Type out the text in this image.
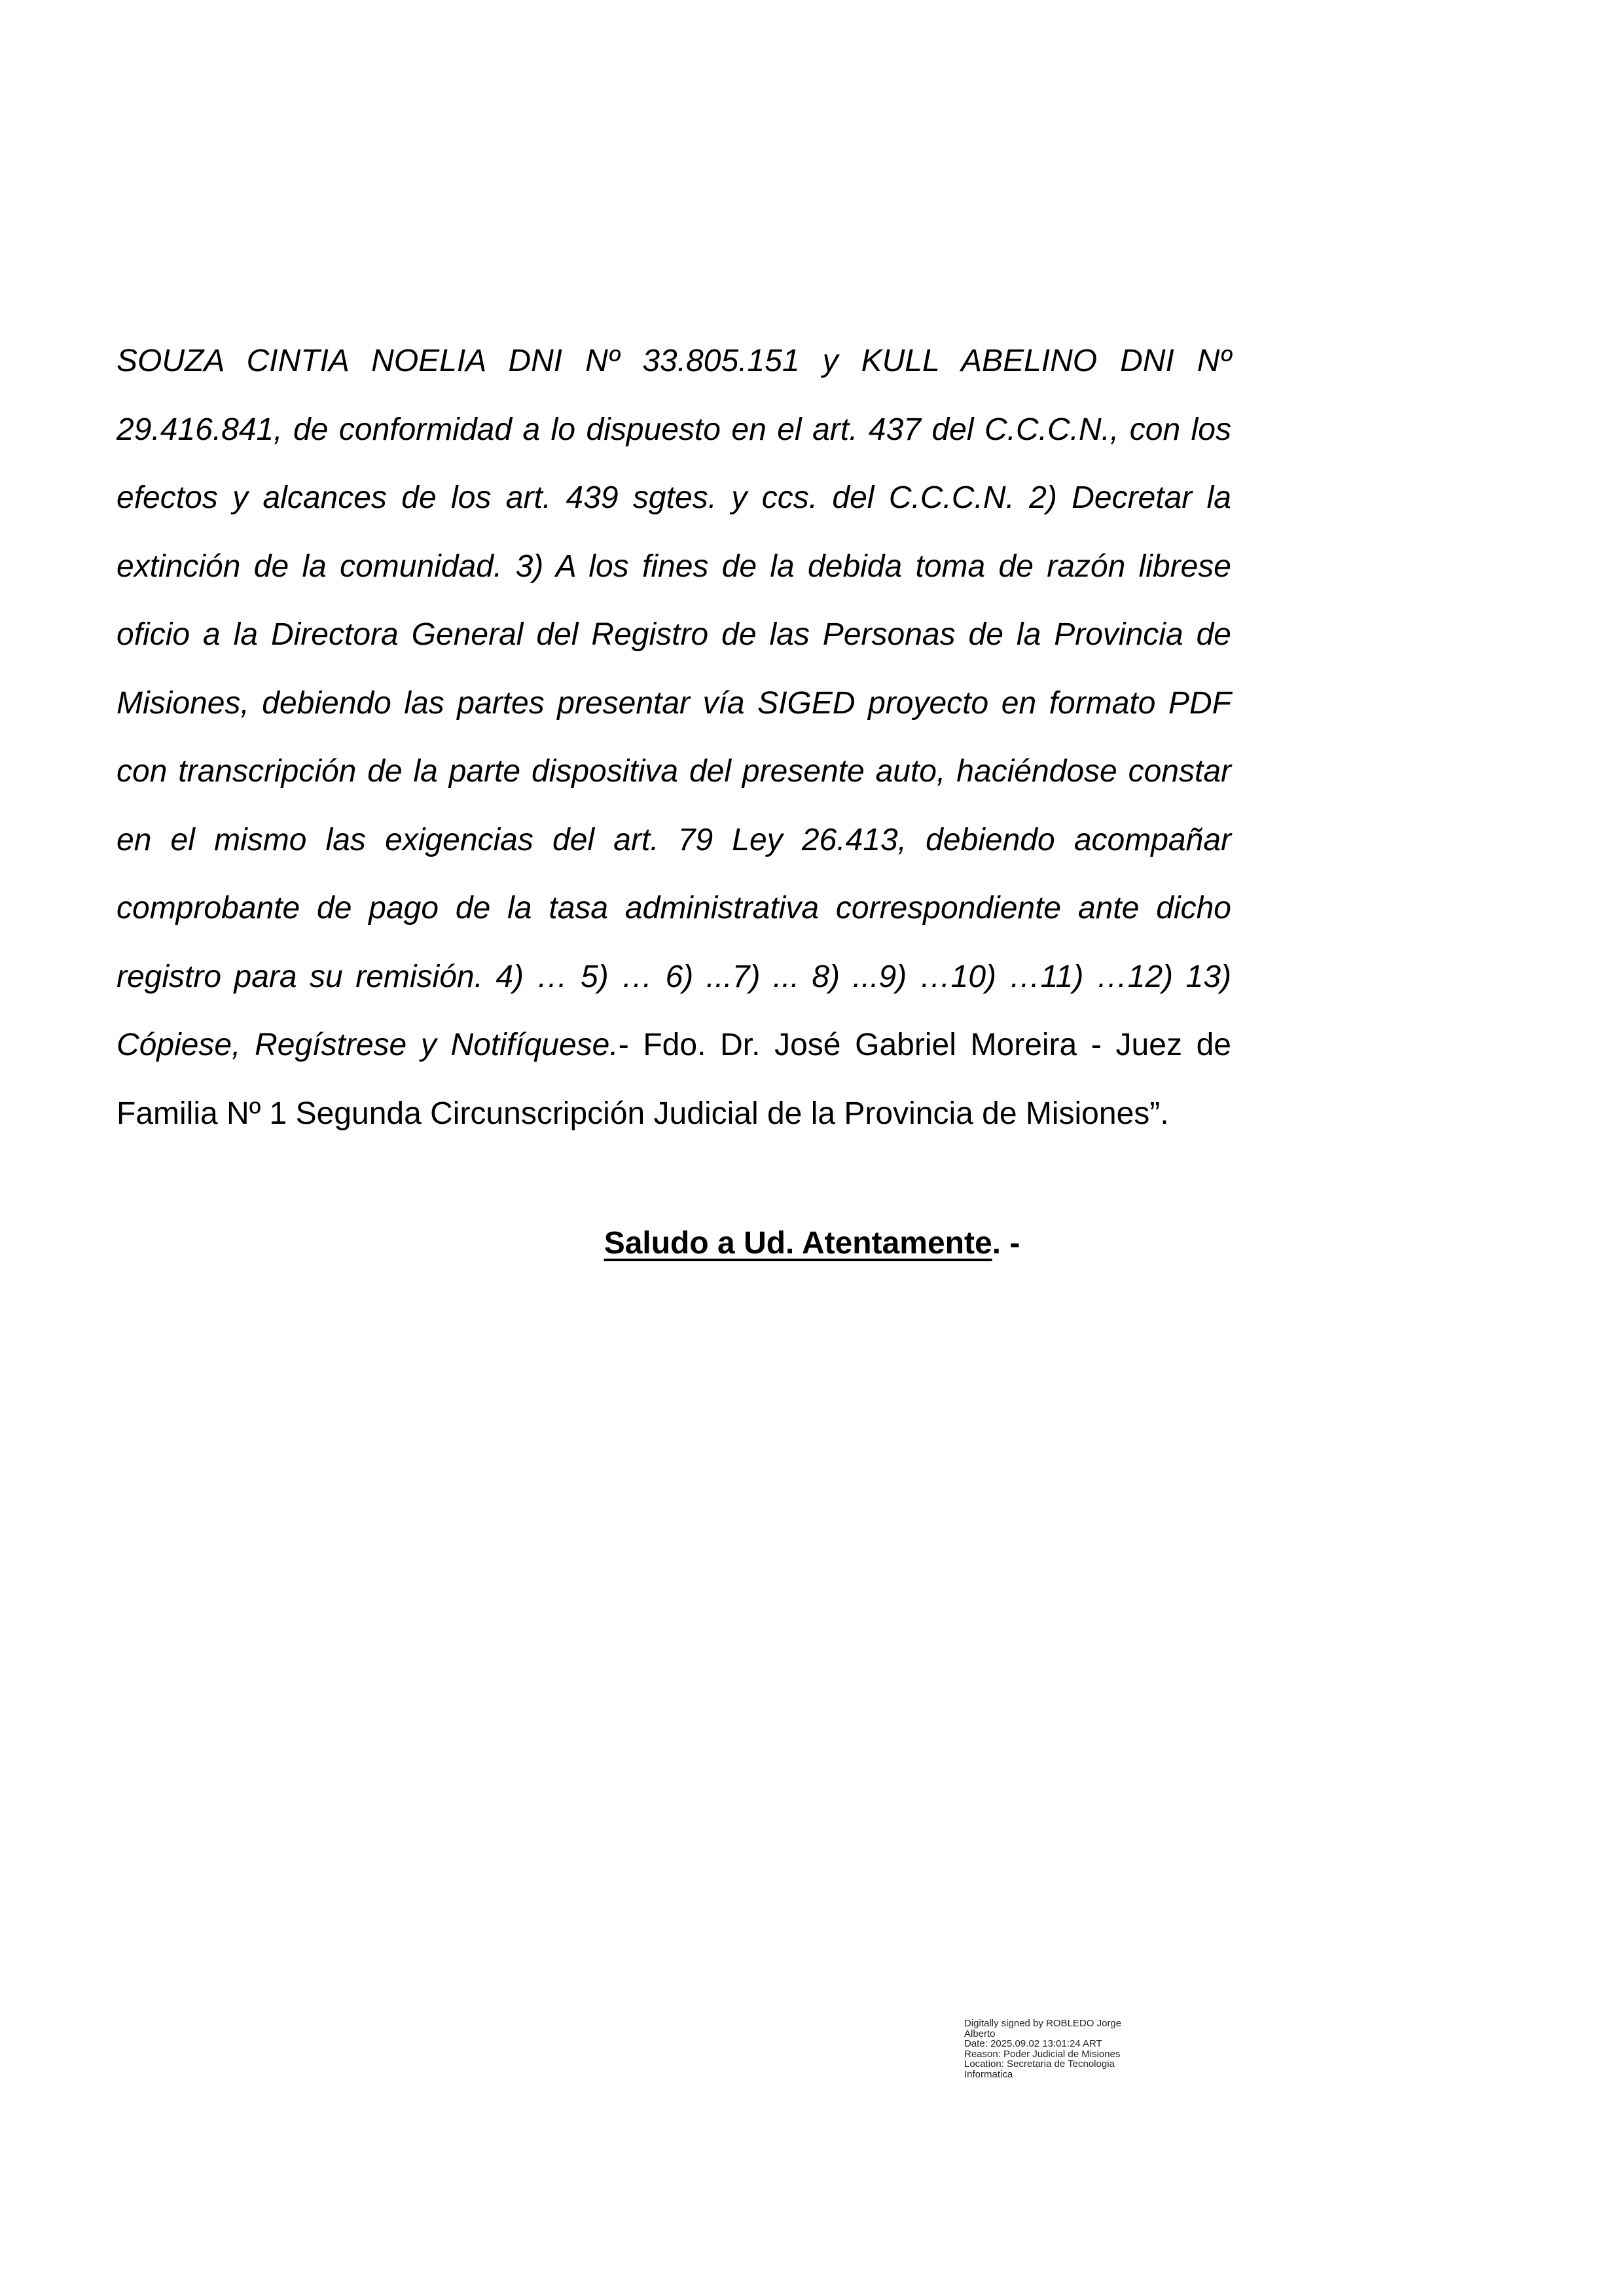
SOUZA CINTIA NOELIA DNI Nº 33.805.151 y KULL ABELINO DNI Nº 29.416.841, de conformidad a lo dispuesto en el art. 437 del C.C.C.N., con los efectos y alcances de los art. 439 sgtes. y ccs. del C.C.C.N. 2) Decretar la extinción de la comunidad. 3) A los fines de la debida toma de razón librese oficio a la Directora General del Registro de las Personas de la Provincia de Misiones, debiendo las partes presentar vía SIGED proyecto en formato PDF con transcripción de la parte dispositiva del presente auto, haciéndose constar en el mismo las exigencias del art. 79 Ley 26.413, debiendo acompañar comprobante de pago de la tasa administrativa correspondiente ante dicho registro para su remisión. 4) … 5) … 6) ...7) ... 8) ...9) …10) …11) …12) 13) Cópiese, Regístrese y Notifíquese.- Fdo. Dr. José Gabriel Moreira - Juez de Familia Nº 1 Segunda Circunscripción Judicial de la Provincia de Misiones”.

Saludo a Ud. Atentamente. -

Digitally signed by ROBLEDO Jorge
Alberto
Date: 2025.09.02 13:01:24 ART
Reason: Poder Judicial de Misiones
Location: Secretaria de Tecnologia
Informatica
